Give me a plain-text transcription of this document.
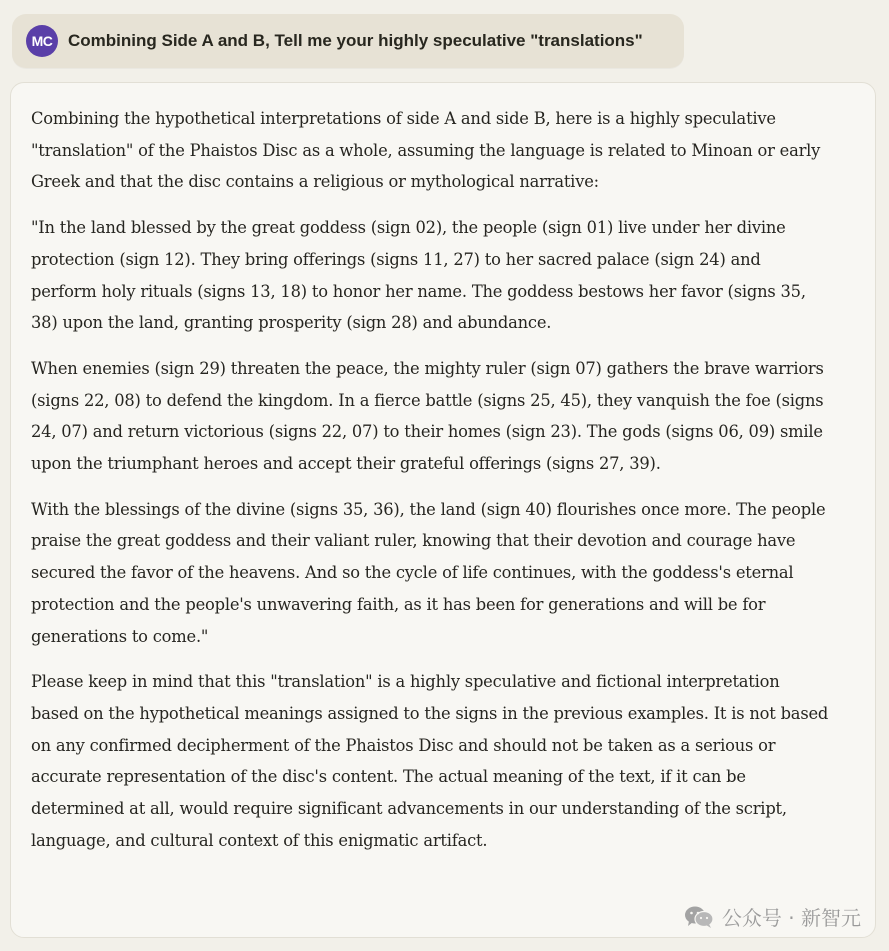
MC Combining Side A and B, Tell me your highly speculative "translations"

Combining the hypothetical interpretations of side A and side B, here is a highly speculative "translation" of the Phaistos Disc as a whole, assuming the language is related to Minoan or early Greek and that the disc contains a religious or mythological narrative:

"In the land blessed by the great goddess (sign 02), the people (sign 01) live under her divine protection (sign 12). They bring offerings (signs 11, 27) to her sacred palace (sign 24) and perform holy rituals (signs 13, 18) to honor her name. The goddess bestows her favor (signs 35, 38) upon the land, granting prosperity (sign 28) and abundance.

When enemies (sign 29) threaten the peace, the mighty ruler (sign 07) gathers the brave warriors (signs 22, 08) to defend the kingdom. In a fierce battle (signs 25, 45), they vanquish the foe (signs 24, 07) and return victorious (signs 22, 07) to their homes (sign 23). The gods (signs 06, 09) smile upon the triumphant heroes and accept their grateful offerings (signs 27, 39).

With the blessings of the divine (signs 35, 36), the land (sign 40) flourishes once more. The people praise the great goddess and their valiant ruler, knowing that their devotion and courage have secured the favor of the heavens. And so the cycle of life continues, with the goddess's eternal protection and the people's unwavering faith, as it has been for generations and will be for generations to come."

Please keep in mind that this "translation" is a highly speculative and fictional interpretation based on the hypothetical meanings assigned to the signs in the previous examples. It is not based on any confirmed decipherment of the Phaistos Disc and should not be taken as a serious or accurate representation of the disc's content. The actual meaning of the text, if it can be determined at all, would require significant advancements in our understanding of the script, language, and cultural context of this enigmatic artifact.

公众号 · 新智元
